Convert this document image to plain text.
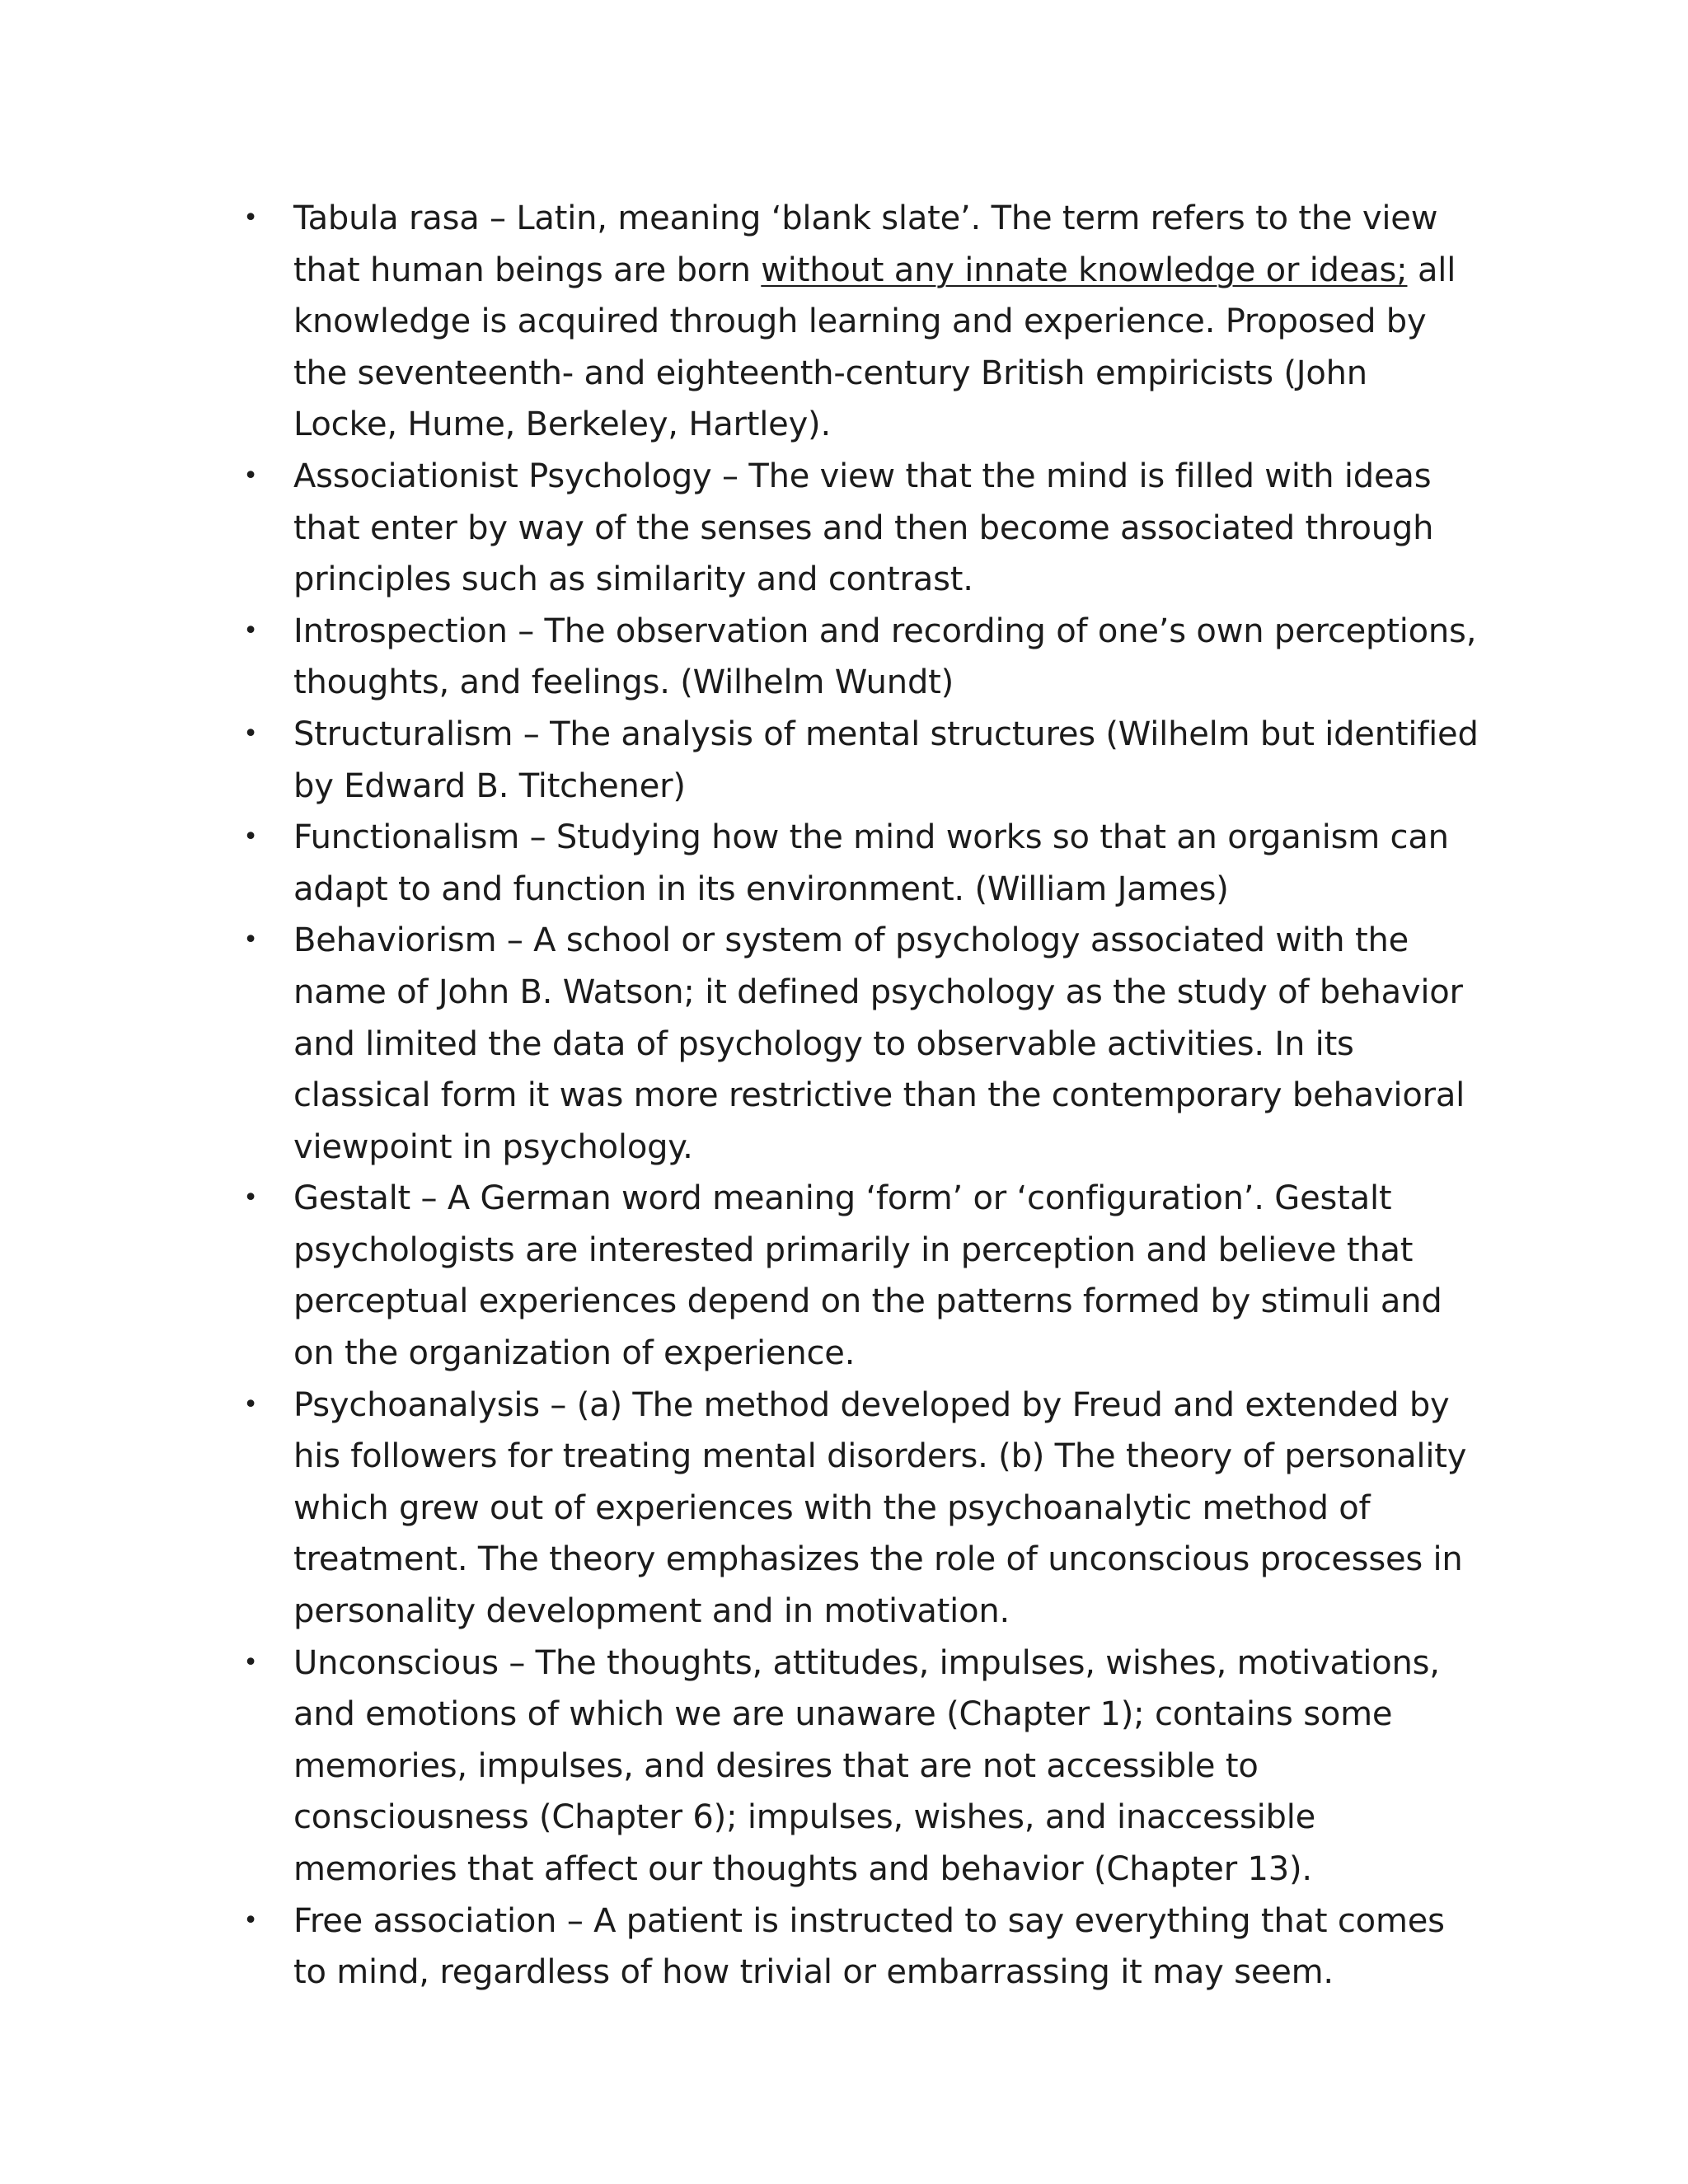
• Tabula rasa – Latin, meaning ‘blank slate’. The term refers to the view that human beings are born without any innate knowledge or ideas; all knowledge is acquired through learning and experience. Proposed by the seventeenth- and eighteenth-century British empiricists (John Locke, Hume, Berkeley, Hartley).
• Associationist Psychology – The view that the mind is filled with ideas that enter by way of the senses and then become associated through principles such as similarity and contrast.
• Introspection – The observation and recording of one’s own perceptions, thoughts, and feelings. (Wilhelm Wundt)
• Structuralism – The analysis of mental structures (Wilhelm but identified by Edward B. Titchener)
• Functionalism – Studying how the mind works so that an organism can adapt to and function in its environment. (William James)
• Behaviorism – A school or system of psychology associated with the name of John B. Watson; it defined psychology as the study of behavior and limited the data of psychology to observable activities. In its classical form it was more restrictive than the contemporary behavioral viewpoint in psychology.
• Gestalt – A German word meaning ‘form’ or ‘configuration’. Gestalt psychologists are interested primarily in perception and believe that perceptual experiences depend on the patterns formed by stimuli and on the organization of experience.
• Psychoanalysis – (a) The method developed by Freud and extended by his followers for treating mental disorders. (b) The theory of personality which grew out of experiences with the psychoanalytic method of treatment. The theory emphasizes the role of unconscious processes in personality development and in motivation.
• Unconscious – The thoughts, attitudes, impulses, wishes, motivations, and emotions of which we are unaware (Chapter 1); contains some memories, impulses, and desires that are not accessible to consciousness (Chapter 6); impulses, wishes, and inaccessible memories that affect our thoughts and behavior (Chapter 13).
• Free association – A patient is instructed to say everything that comes to mind, regardless of how trivial or embarrassing it may seem.
